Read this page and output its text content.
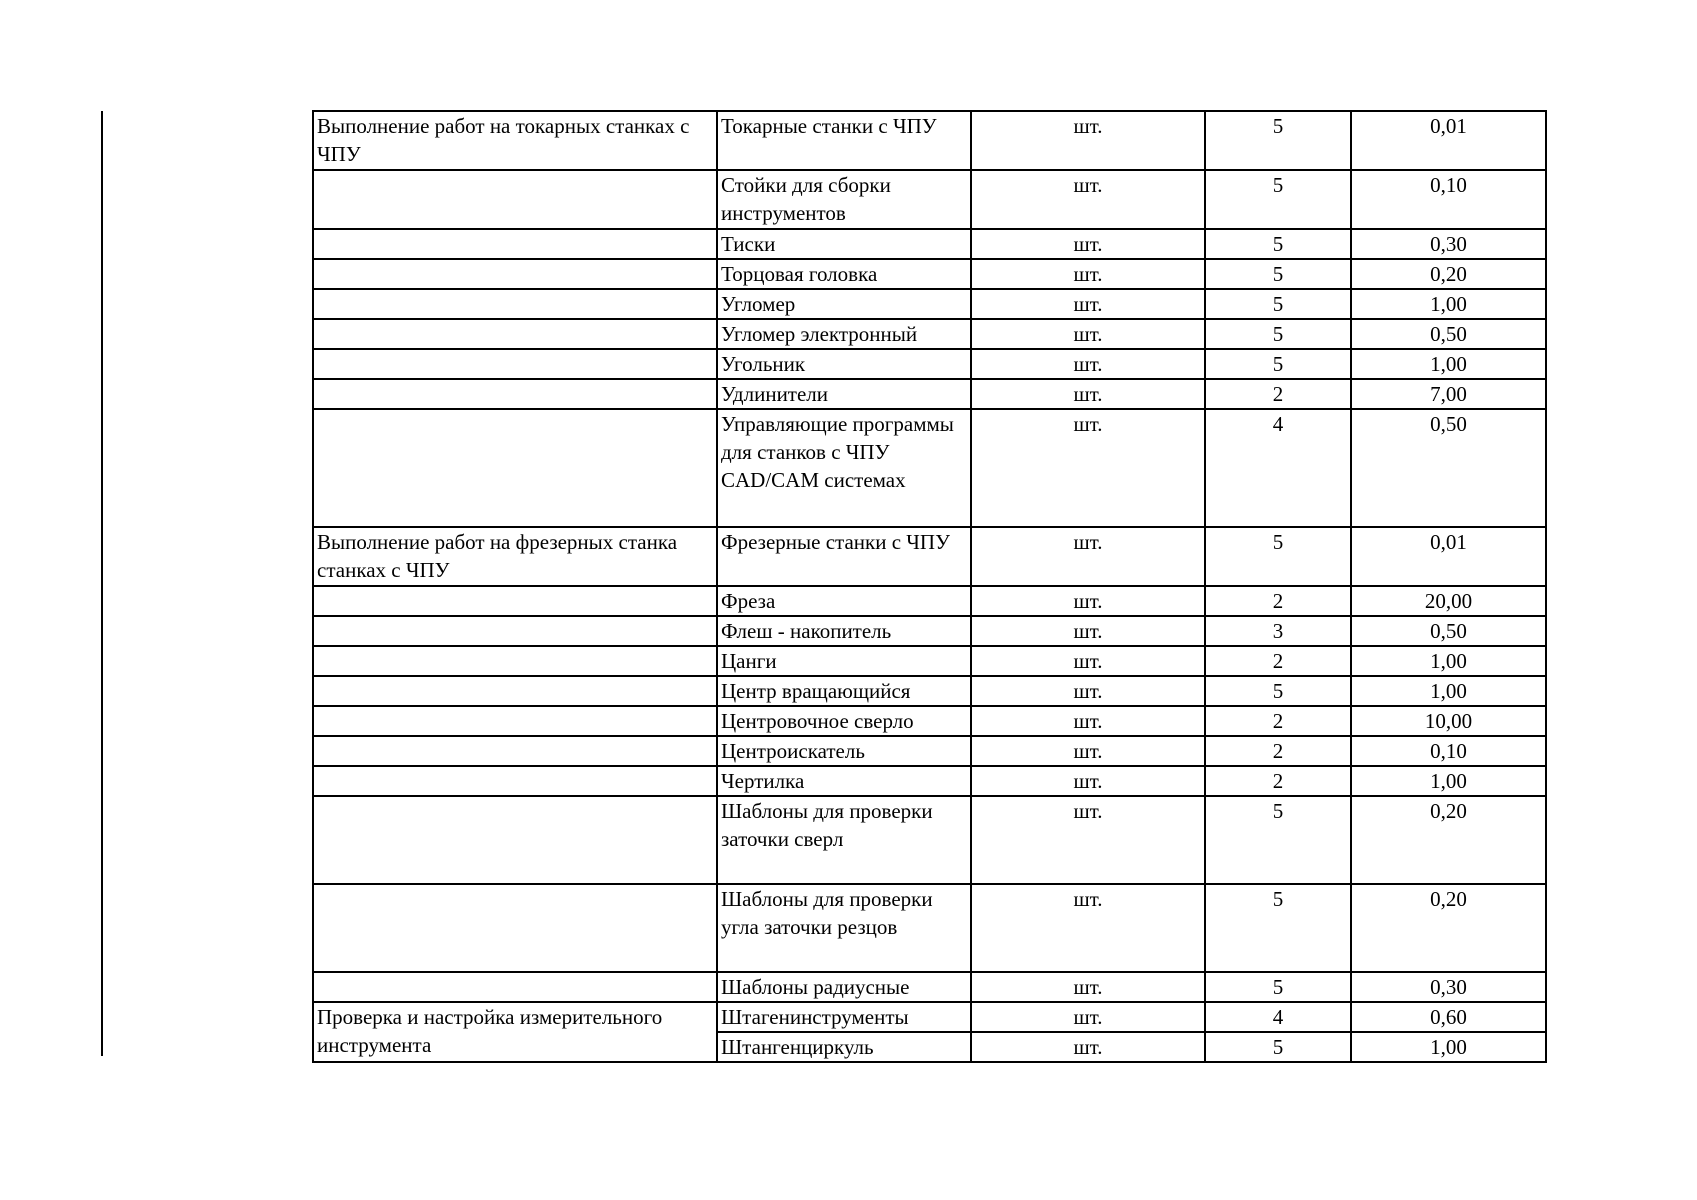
Выполнение работ на токарных станках с ЧПУ	Токарные станки с ЧПУ	шт.	5	0,01
	Стойки для сборки инструментов	шт.	5	0,10
	Тиски	шт.	5	0,30
	Торцовая головка	шт.	5	0,20
	Угломер	шт.	5	1,00
	Угломер электронный	шт.	5	0,50
	Угольник	шт.	5	1,00
	Удлинители	шт.	2	7,00
	Управляющие программы для станков с ЧПУ CAD/CAM системах	шт.	4	0,50
Выполнение работ на фрезерных станка станках с ЧПУ	Фрезерные станки с ЧПУ	шт.	5	0,01
	Фреза	шт.	2	20,00
	Флеш - накопитель	шт.	3	0,50
	Цанги	шт.	2	1,00
	Центр вращающийся	шт.	5	1,00
	Центровочное сверло	шт.	2	10,00
	Центроискатель	шт.	2	0,10
	Чертилка	шт.	2	1,00
	Шаблоны для проверки заточки сверл	шт.	5	0,20
	Шаблоны для проверки угла заточки резцов	шт.	5	0,20
	Шаблоны радиусные	шт.	5	0,30
Проверка и настройка измерительного инструмента	Штагенинструменты	шт.	4	0,60
	Штангенциркуль	шт.	5	1,00
